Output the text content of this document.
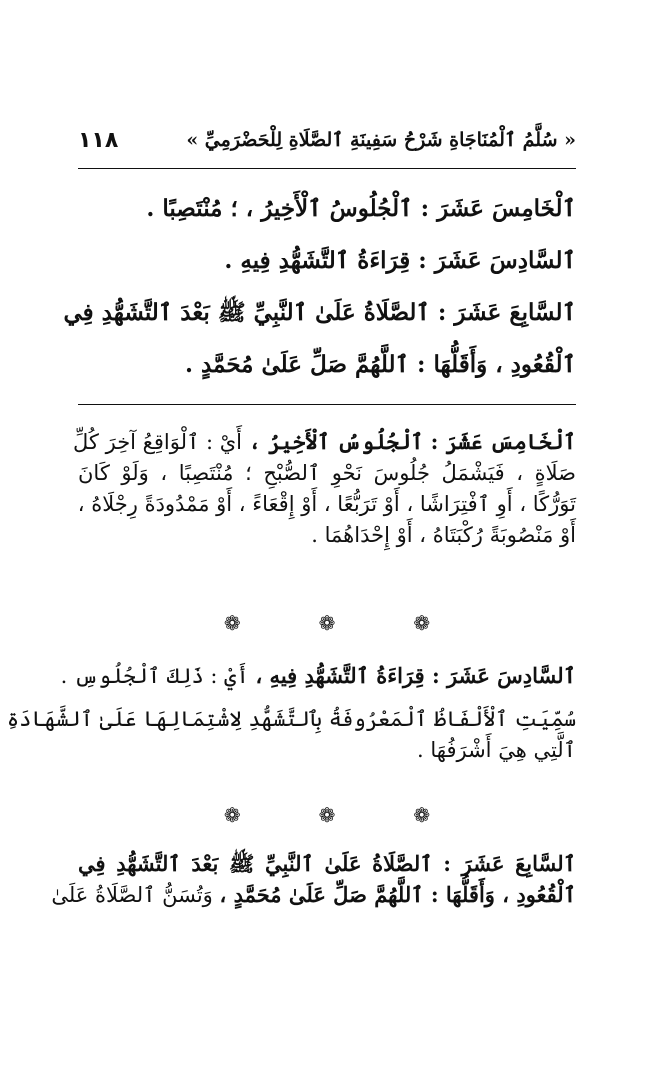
« سُلَّمُ ٱلْمُنَاجَاةِ شَرْحُ سَفِينَةِ ٱلصَّلَاةِ لِلْحَضْرَمِيِّ »
١١٨
ٱلْخَامِسَ عَشَرَ : ٱلْجُلُوسُ ٱلْأَخِيرُ ، ؛ مُنْتَصِبًا .
ٱلسَّادِسَ عَشَرَ : قِرَاءَةُ ٱلتَّشَهُّدِ فِيهِ .
ٱلسَّابِعَ عَشَرَ : ٱلصَّلَاةُ عَلَىٰ ٱلنَّبِيِّ ﷺ بَعْدَ ٱلتَّشَهُّدِ فِي
ٱلْقُعُودِ ، وَأَقَلُّهَا : ٱللَّهُمَّ صَلِّ عَلَىٰ مُحَمَّدٍ .
ٱلْخَامِسَ عَشَرَ : ٱلْجُلُوسُ ٱلْأَخِيرُ ، أَيْ : ٱلْوَاقِعُ آخِرَ كُلِّ
صَلَاةٍ ، فَيَشْمَلُ جُلُوسَ نَحْوِ ٱلصُّبْحِ ؛ مُنْتَصِبًا ، وَلَوْ كَانَ
تَوَرُّكًا ، أَوِ ٱفْتِرَاشًا ، أَوْ تَرَبُّعًا ، أَوْ إِقْعَاءً ، أَوْ مَمْدُودَةً رِجْلَاهُ ،
أَوْ مَنْصُوبَةً رُكْبَتَاهُ ، أَوْ إِحْدَاهُمَا .
❁
❁
❁
ٱلسَّادِسَ عَشَرَ : قِرَاءَةُ ٱلتَّشَهُّدِ فِيهِ ، أَيْ : ذَلِكَ ٱلْجُلُوسِ .
سُمِّيَتِ ٱلْأَلْفَاظُ ٱلْمَعْرُوفَةُ بِٱلتَّشَهُّدِ لِاشْتِمَالِهَا عَلَىٰ ٱلشَّهَادَةِ
ٱلَّتِي هِيَ أَشْرَفُهَا .
❁
❁
❁
ٱلسَّابِعَ عَشَرَ : ٱلصَّلَاةُ عَلَىٰ ٱلنَّبِيِّ ﷺ بَعْدَ ٱلتَّشَهُّدِ فِي
ٱلْقُعُودِ ، وَأَقَلُّهَا : ٱللَّهُمَّ صَلِّ عَلَىٰ مُحَمَّدٍ ، وَتُسَنُّ ٱلصَّلَاةُ عَلَىٰ
